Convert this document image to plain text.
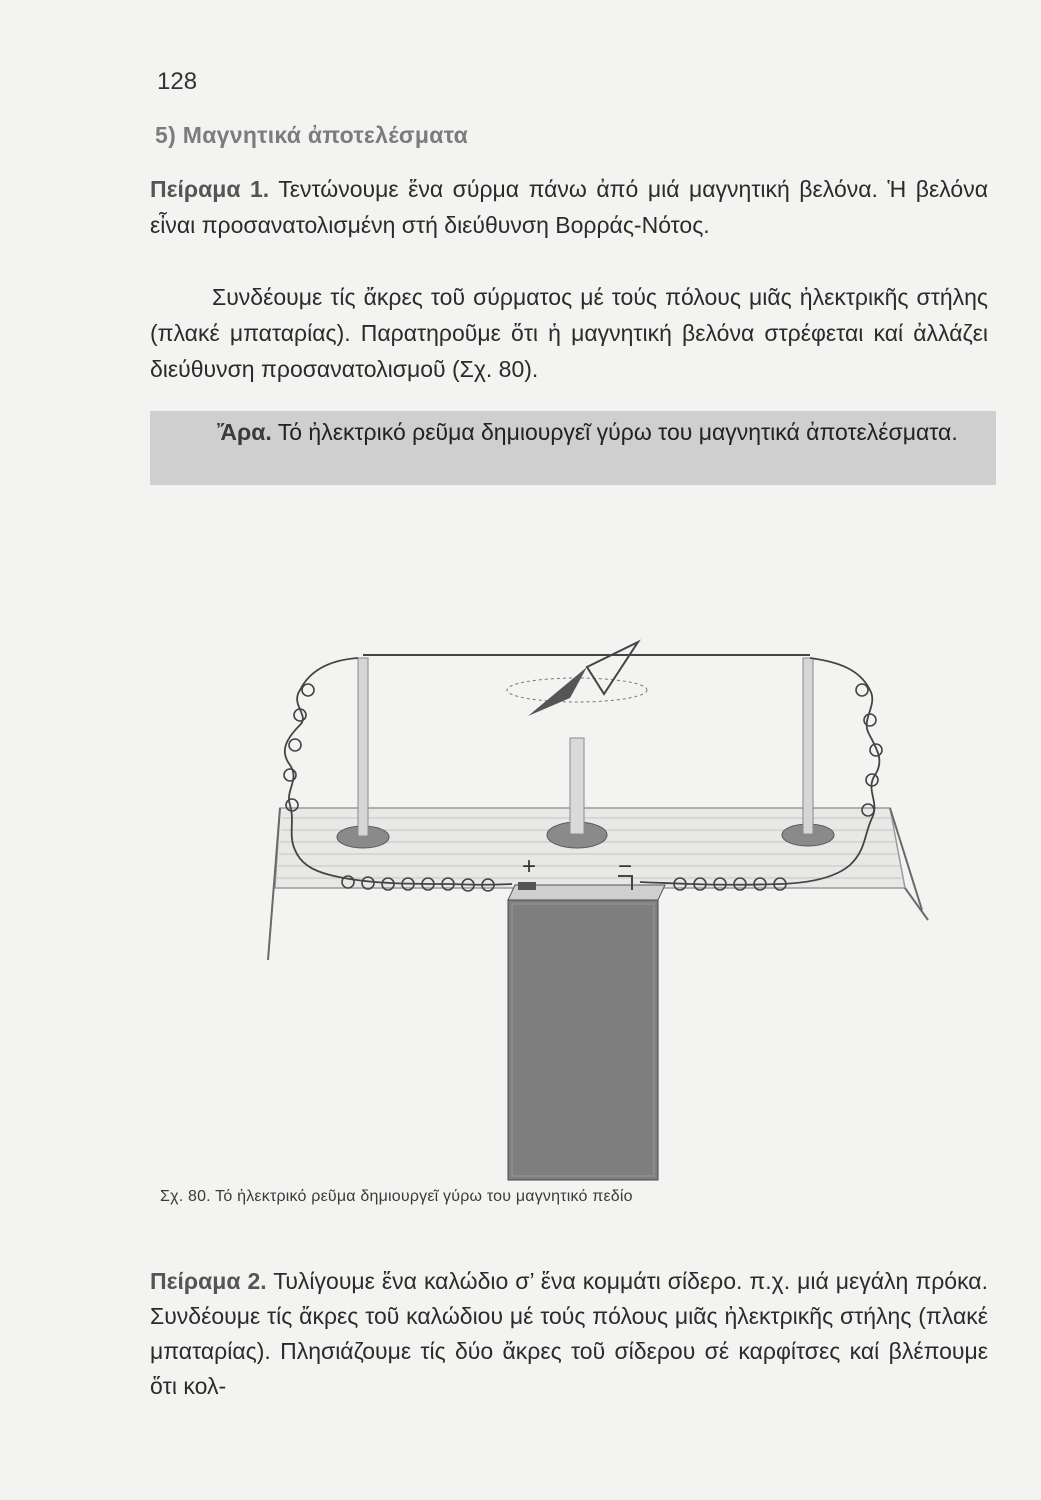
128
5) Μαγνητικά ἀποτελέσματα
Πείραμα 1. Τεντώνουμε ἕνα σύρμα πάνω ἀπό μιά μαγνητική βελόνα. Ἡ βελόνα εἶναι προσανατολισμένη στή διεύθυνση Βορράς-Νότος.
Συνδέουμε τίς ἄκρες τοῦ σύρματος μέ τούς πόλους μιᾶς ἠλεκτρικῆς στήλης (πλακέ μπαταρίας). Παρατηροῦμε ὅτι ἡ μαγνητική βελόνα στρέφεται καί ἀλλάζει διεύθυνση προσανατολισμοῦ (Σχ. 80).
Ἄρα. Τό ἠλεκτρικό ρεῦμα δημιουργεῖ γύρω του μαγνητικά ἀποτελέσματα.
+	−
Σχ. 80. Τό ἠλεκτρικό ρεῦμα δημιουργεῖ γύρω του μαγνητικό πεδίο
Πείραμα 2. Τυλίγουμε ἕνα καλώδιο σ’ ἕνα κομμάτι σίδερο. π.χ. μιά μεγάλη πρόκα. Συνδέουμε τίς ἄκρες τοῦ καλώδιου μέ τούς πόλους μιᾶς ἠλεκτρικῆς στήλης (πλακέ μπαταρίας). Πλησιάζουμε τίς δύο ἄκρες τοῦ σίδερου σέ καρφίτσες καί βλέπουμε ὅτι κολ-
